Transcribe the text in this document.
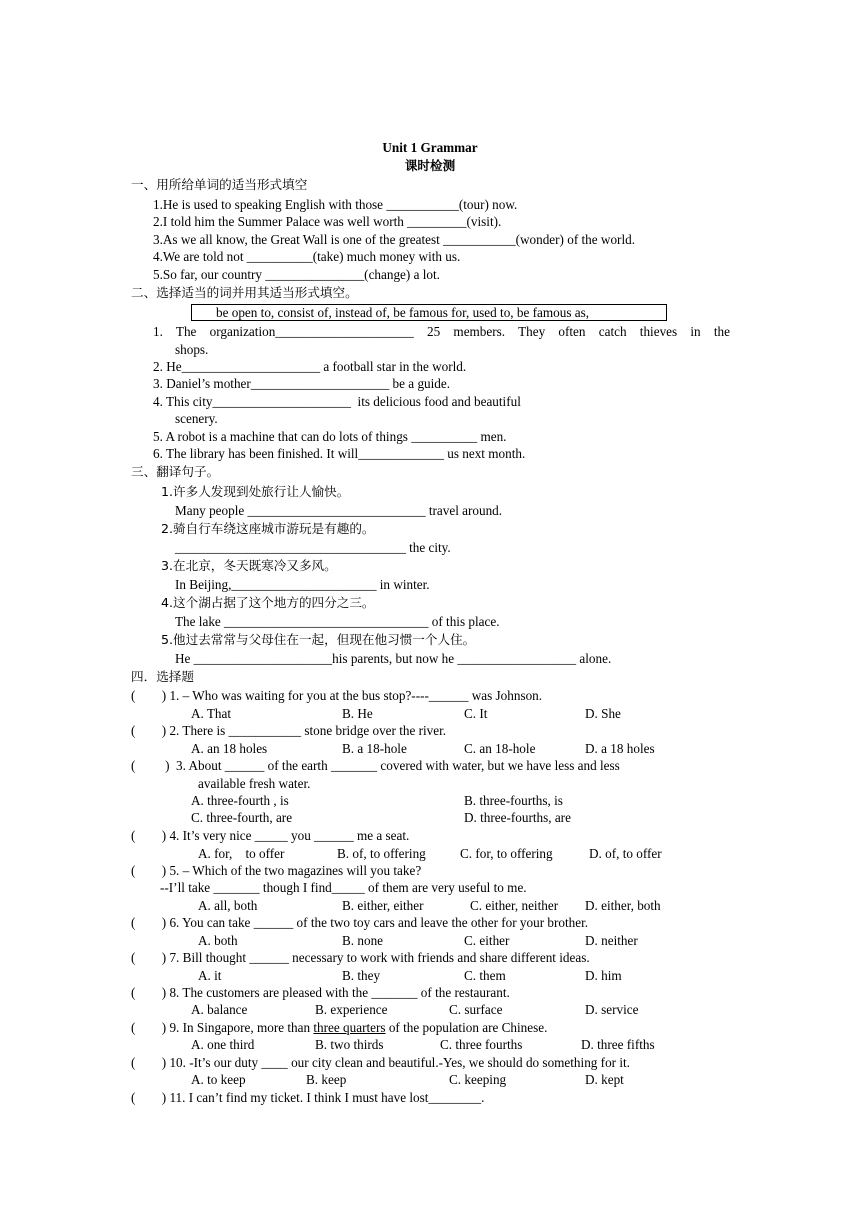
Unit 1 Grammar
课时检测
一、用所给单词的适当形式填空
1.He is used to speaking English with those ___________(tour) now.
2.I told him the Summer Palace was well worth _________(visit).
3.As we all know, the Great Wall is one of the greatest ___________(wonder) of the world.
4.We are told not __________(take) much money with us.
5.So far, our country _______________(change) a lot.
二、选择适当的词并用其适当形式填空。
be open to, consist of, instead of, be famous for, used to, be famous as,
1. The organization_____________________ 25 members. They often catch thieves in the
shops.
2. He_____________________ a football star in the world.
3. Daniel’s mother_____________________ be a guide.
4. This city_____________________  its delicious food and beautiful
scenery.
5. A robot is a machine that can do lots of things __________ men.
6. The library has been finished. It will_____________ us next month.
三、翻译句子。
1.许多人发现到处旅行让人愉快。
Many people ___________________________ travel around.
2.骑自行车绕这座城市游玩是有趣的。
___________________________________ the city.
3.在北京，冬天既寒冷又多风。
In Beijing,______________________ in winter.
4.这个湖占据了这个地方的四分之三。
The lake _______________________________ of this place.
5.他过去常常与父母住在一起，但现在他习惯一个人住。
He _____________________his parents, but now he __________________ alone.
四．选择题
(        ) 1. – Who was waiting for you at the bus stop?----______ was Johnson.
A. That	B. He	C. It	D. She
(        ) 2. There is ___________ stone bridge over the river.
A. an 18 holes	B. a 18-hole	C. an 18-hole	D. a 18 holes
(         )  3. About ______ of the earth _______ covered with water, but we have less and less
available fresh water.
A. three-fourth , is	B. three-fourths, is
C. three-fourth, are	D. three-fourths, are
(        ) 4. It’s very nice _____ you ______ me a seat.
A. for,    to offer	B. of, to offering	C. for, to offering	D. of, to offer
(        ) 5. – Which of the two magazines will you take?
--I’ll take _______ though I find_____ of them are very useful to me.
A. all, both	B. either, either	C. either, neither D. either, both
(        ) 6. You can take ______ of the two toy cars and leave the other for your brother.
A. both	B. none	C. either	D. neither
(        ) 7. Bill thought ______ necessary to work with friends and share different ideas.
A. it	B. they	C. them	D. him
(        ) 8. The customers are pleased with the _______ of the restaurant.
A. balance	B. experience	C. surface	D. service
(        ) 9. In Singapore, more than three quarters of the population are Chinese.
A. one third	B. two thirds	C. three fourths	D. three fifths
(        ) 10. -It’s our duty ____ our city clean and beautiful.-Yes, we should do something for it.
A. to keep	B. keep	C. keeping	D. kept
(        ) 11. I can’t find my ticket. I think I must have lost________.
